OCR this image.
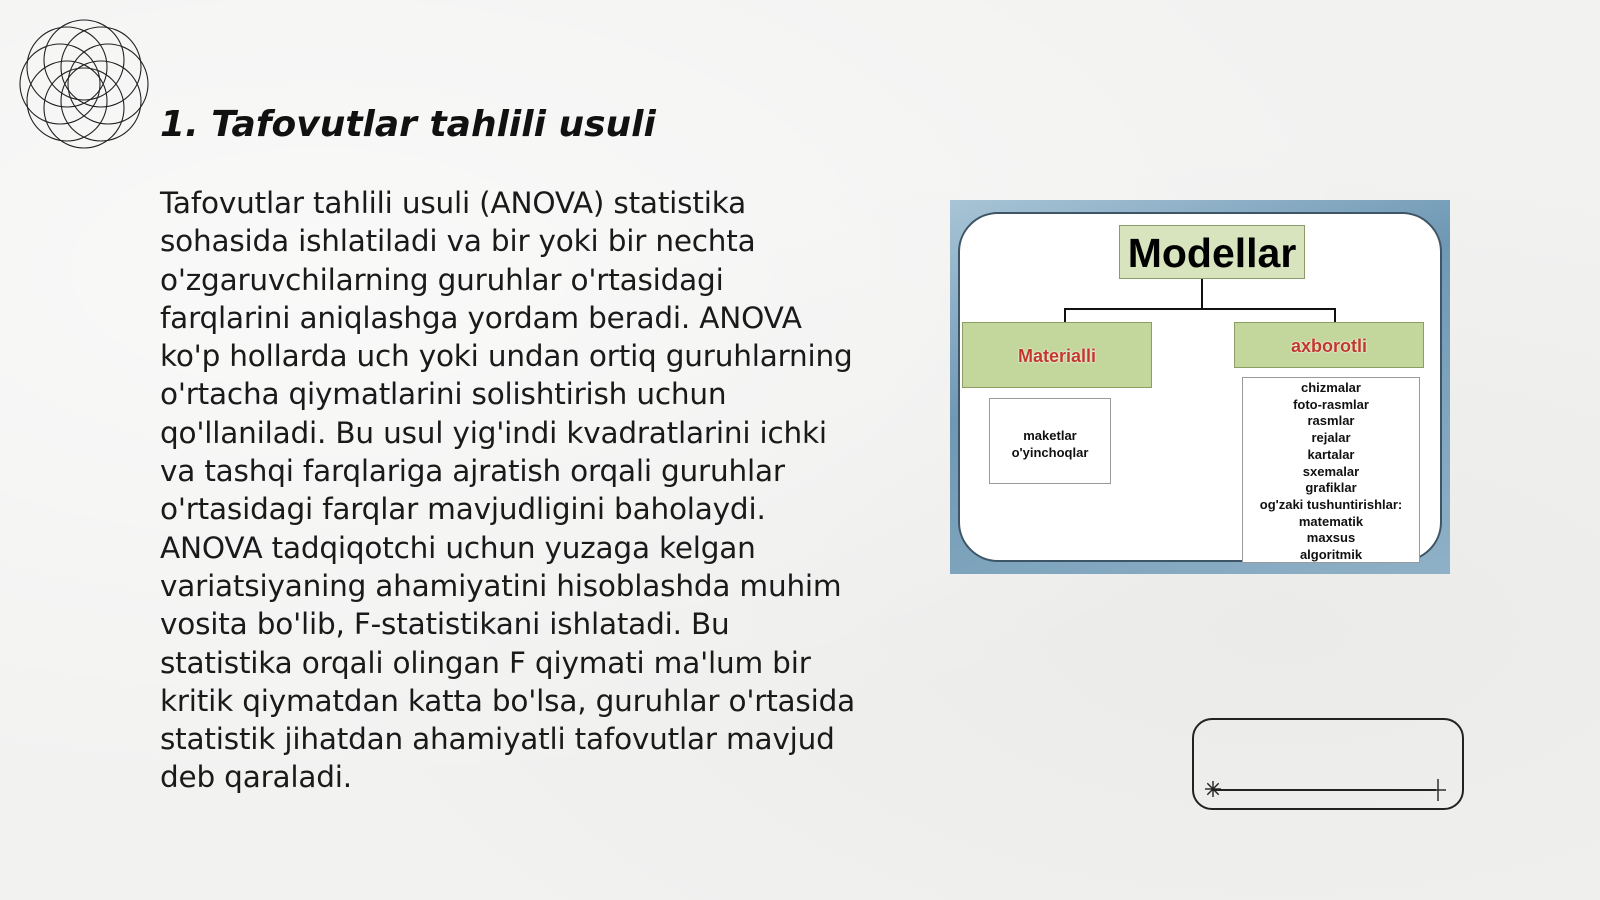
1. Tafovutlar tahlili usuli

Tafovutlar tahlili usuli (ANOVA) statistika sohasida ishlatiladi va bir yoki bir nechta o'zgaruvchilarning guruhlar o'rtasidagi farqlarini aniqlashga yordam beradi. ANOVA ko'p hollarda uch yoki undan ortiq guruhlarning o'rtacha qiymatlarini solishtirish uchun qo'llaniladi. Bu usul yig'indi kvadratlarini ichki va tashqi farqlariga ajratish orqali guruhlar o'rtasidagi farqlar mavjudligini baholaydi. ANOVA tadqiqotchi uchun yuzaga kelgan variatsiyaning ahamiyatini hisoblashda muhim vosita bo'lib, F-statistikani ishlatadi. Bu statistika orqali olingan F qiymati ma'lum bir kritik qiymatdan katta bo'lsa, guruhlar o'rtasida statistik jihatdan ahamiyatli tafovutlar mavjud deb qaraladi.

Modellar
Materialli	axborotli
maketlar
o'yinchoqlar
chizmalar
foto-rasmlar
rasmlar
rejalar
kartalar
sxemalar
grafiklar
og'zaki tushuntirishlar:
matematik
maxsus
algoritmik
